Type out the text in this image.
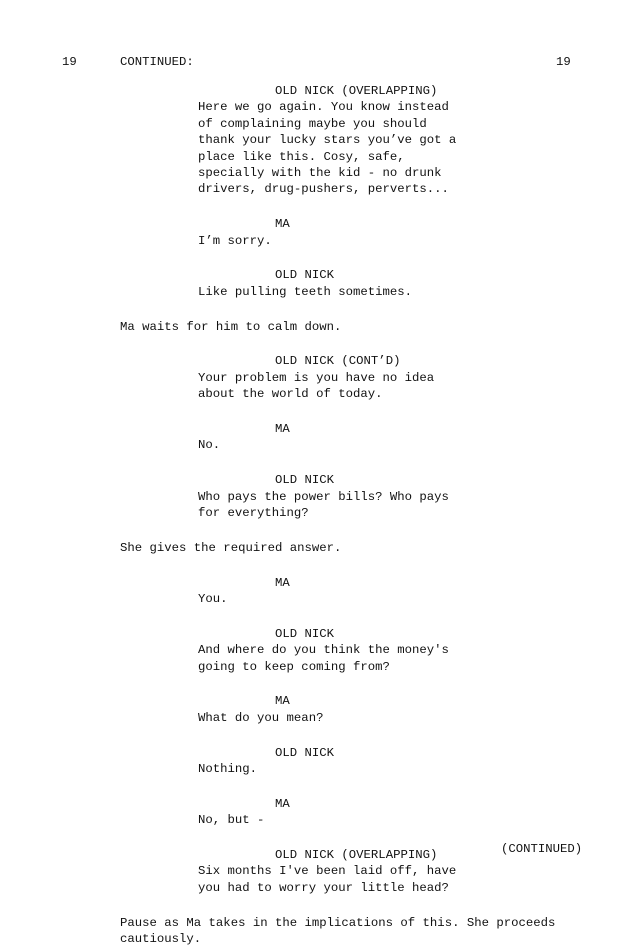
19	CONTINUED:	19

OLD NICK (OVERLAPPING)

Here we go again. You know instead

of complaining maybe you should

thank your lucky stars you’ve got a

place like this. Cosy, safe,

specially with the kid - no drunk

drivers, drug-pushers, perverts...

MA

I’m sorry.

OLD NICK

Like pulling teeth sometimes.

Ma waits for him to calm down.

OLD NICK (CONT’D)

Your problem is you have no idea

about the world of today.

MA

No.

OLD NICK

Who pays the power bills? Who pays

for everything?

She gives the required answer.

MA

You.

OLD NICK

And where do you think the money's

going to keep coming from?

MA

What do you mean?

OLD NICK

Nothing.

MA

No, but -

OLD NICK (OVERLAPPING)

Six months I've been laid off, have

you had to worry your little head?

Pause as Ma takes in the implications of this. She proceeds

cautiously.

(CONTINUED)
